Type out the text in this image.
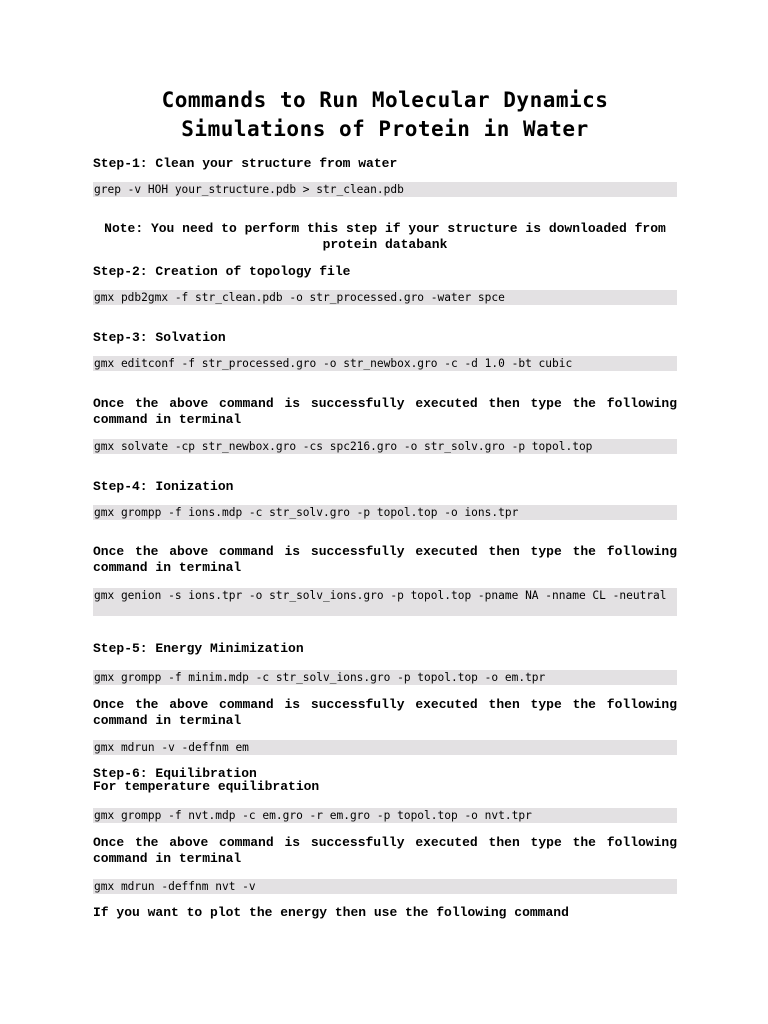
Commands to Run Molecular Dynamics
Simulations of Protein in Water
Step-1: Clean your structure from water
grep -v HOH your_structure.pdb > str_clean.pdb
Note: You need to perform this step if your structure is downloaded from protein databank
Step-2: Creation of topology file
gmx pdb2gmx -f str_clean.pdb -o str_processed.gro -water spce
Step-3: Solvation
gmx editconf -f str_processed.gro -o str_newbox.gro -c -d 1.0 -bt cubic

Once the above command is successfully executed then type the following command in terminal

gmx solvate -cp str_newbox.gro -cs spc216.gro -o str_solv.gro -p topol.top
Step-4: Ionization
gmx grompp -f ions.mdp -c str_solv.gro -p topol.top -o ions.tpr

Once the above command is successfully executed then type the following command in terminal

gmx genion -s ions.tpr -o str_solv_ions.gro -p topol.top -pname NA -nname CL -neutral
Step-5: Energy Minimization
gmx grompp -f minim.mdp -c str_solv_ions.gro -p topol.top -o em.tpr

Once the above command is successfully executed then type the following command in terminal

gmx mdrun -v -deffnm em
Step-6: Equilibration
For temperature equilibration
gmx grompp -f nvt.mdp -c em.gro -r em.gro -p topol.top -o nvt.tpr

Once the above command is successfully executed then type the following command in terminal

gmx mdrun -deffnm nvt -v
If you want to plot the energy then use the following command
